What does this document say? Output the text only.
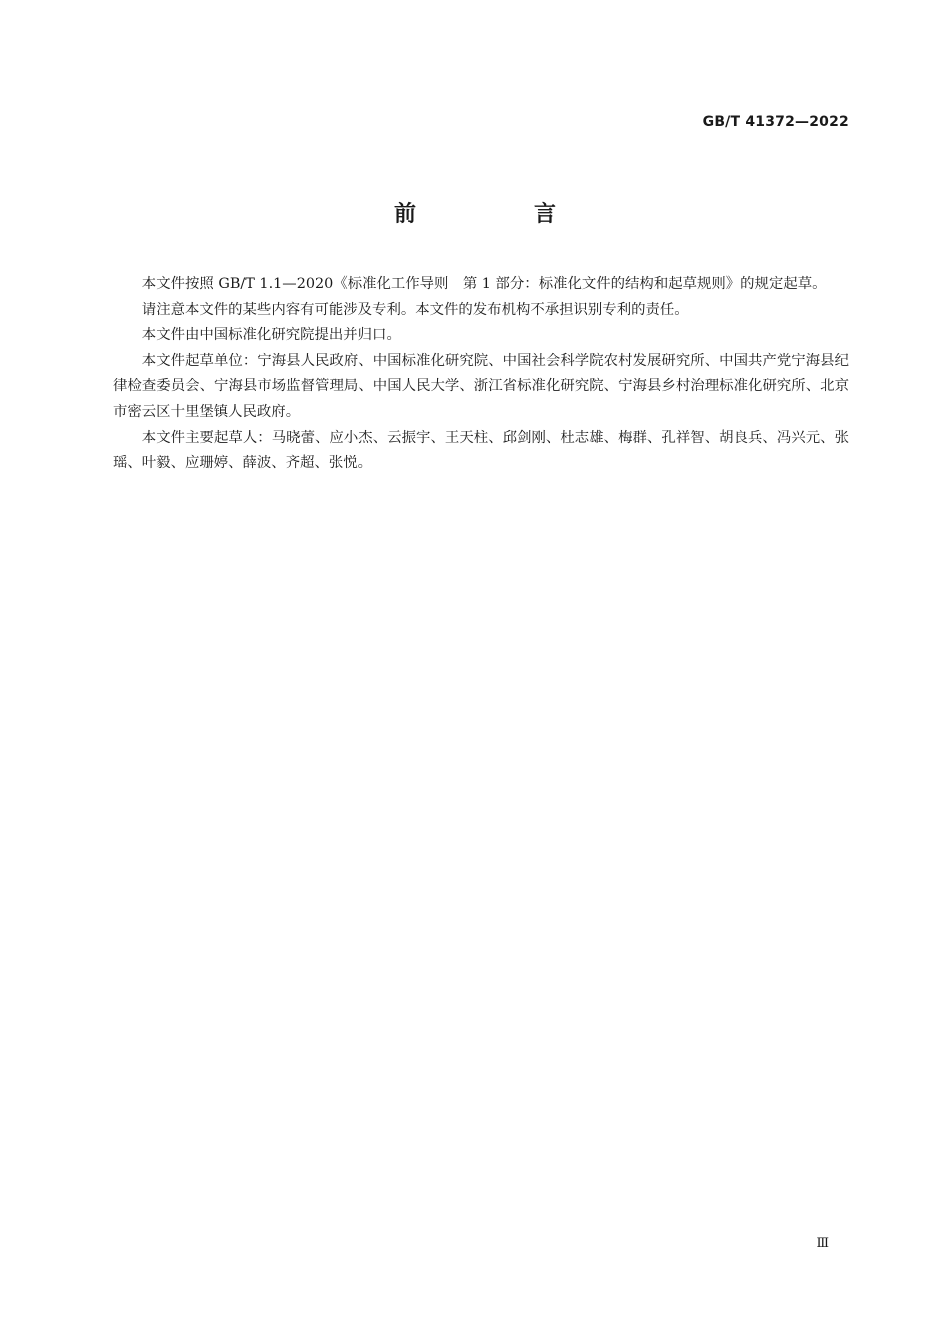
GB/T 41372—2022
前　言

本文件按照 GB/T 1.1—2020《标准化工作导则　第 1 部分：标准化文件的结构和起草规则》的规定起草。

请注意本文件的某些内容有可能涉及专利。本文件的发布机构不承担识别专利的责任。

本文件由中国标准化研究院提出并归口。

本文件起草单位：宁海县人民政府、中国标准化研究院、中国社会科学院农村发展研究所、中国共产党宁海县纪律检查委员会、宁海县市场监督管理局、中国人民大学、浙江省标准化研究院、宁海县乡村治理标准化研究所、北京市密云区十里堡镇人民政府。

本文件主要起草人：马晓蕾、应小杰、云振宇、王天柱、邱剑刚、杜志雄、梅群、孔祥智、胡良兵、冯兴元、张瑶、叶毅、应珊婷、薛波、齐超、张悦。

Ⅲ
